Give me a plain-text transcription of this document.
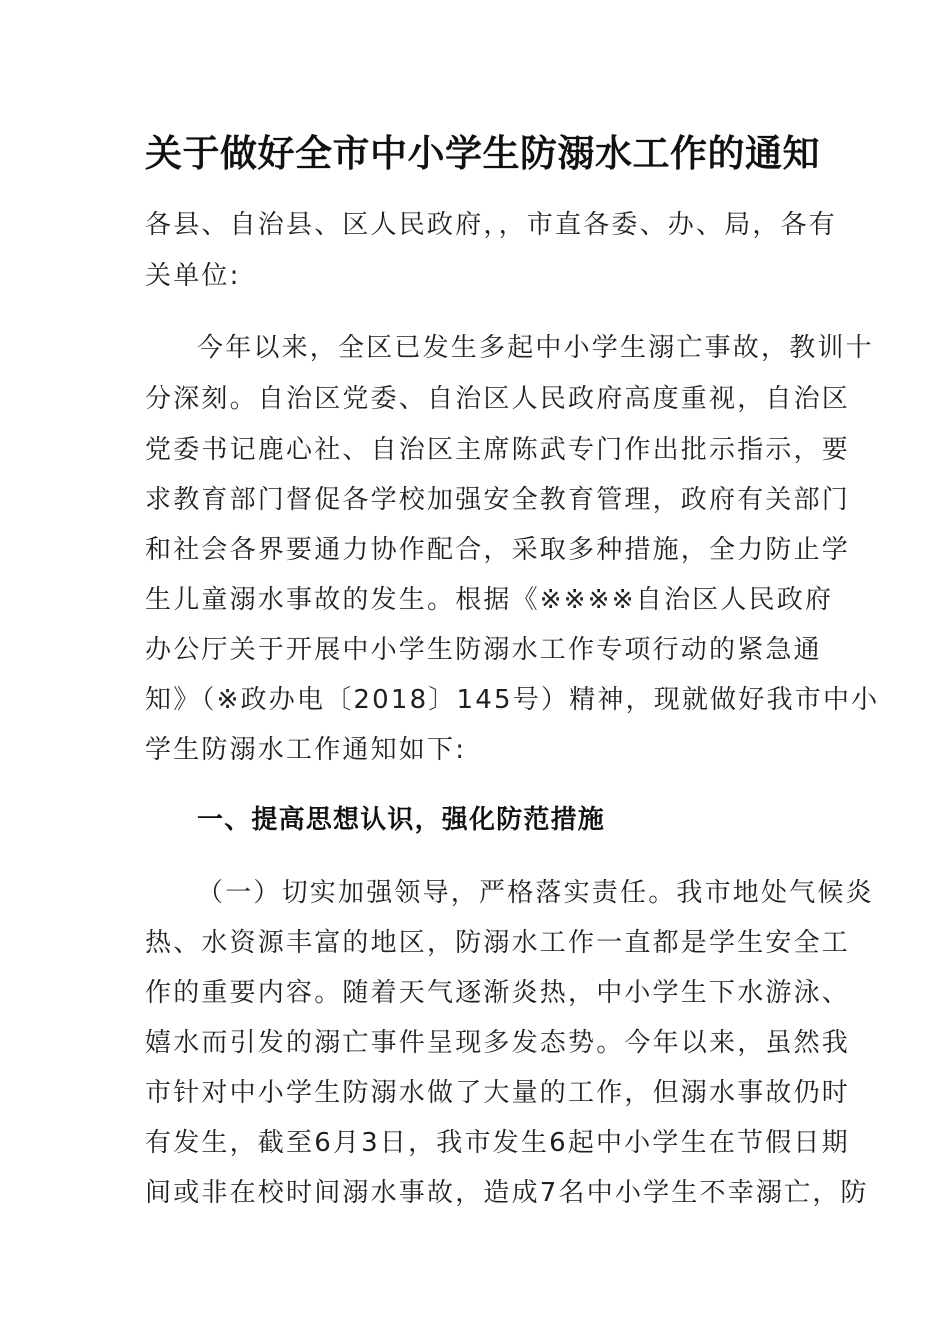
关于做好全市中小学生防溺水工作的通知
各县、自治县、区人民政府，，市直各委、办、局，各有
关单位:
今年以来，全区已发生多起中小学生溺亡事故，教训十
分深刻。自治区党委、自治区人民政府高度重视，自治区
党委书记鹿心社、自治区主席陈武专门作出批示指示，要
求教育部门督促各学校加强安全教育管理，政府有关部门
和社会各界要通力协作配合，采取多种措施，全力防止学
生儿童溺水事故的发生。根据《※※※※自治区人民政府
办公厅关于开展中小学生防溺水工作专项行动的紧急通
知》（※政办电〔2018〕145号）精神，现就做好我市中小
学生防溺水工作通知如下:
一、提高思想认识，强化防范措施
（一）切实加强领导，严格落实责任。我市地处气候炎
热、水资源丰富的地区，防溺水工作一直都是学生安全工
作的重要内容。随着天气逐渐炎热，中小学生下水游泳、
嬉水而引发的溺亡事件呈现多发态势。今年以来，虽然我
市针对中小学生防溺水做了大量的工作，但溺水事故仍时
有发生，截至6月3日，我市发生6起中小学生在节假日期
间或非在校时间溺水事故，造成7名中小学生不幸溺亡，防
